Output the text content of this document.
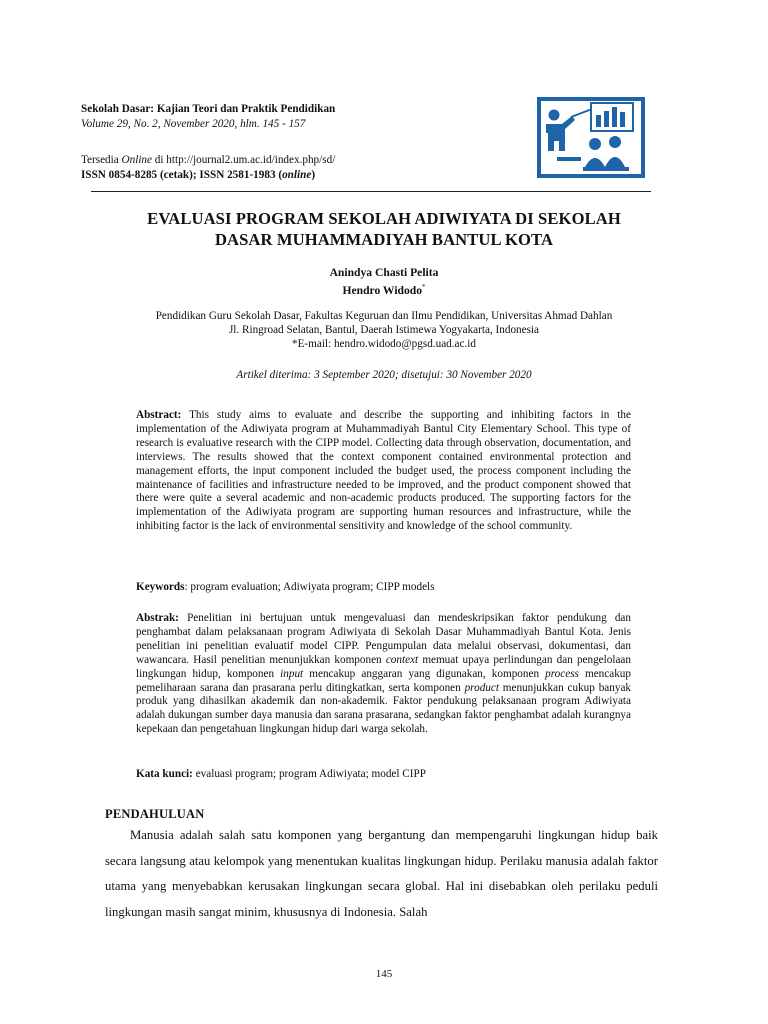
Sekolah Dasar: Kajian Teori dan Praktik Pendidikan
Volume 29, No. 2, November 2020, hlm. 145 - 157
Tersedia Online di http://journal2.um.ac.id/index.php/sd/
ISSN 0854-8285 (cetak); ISSN 2581-1983 (online)
EVALUASI PROGRAM SEKOLAH ADIWIYATA DI SEKOLAH
DASAR MUHAMMADIYAH BANTUL KOTA
Anindya Chasti Pelita
Hendro Widodo*
Pendidikan Guru Sekolah Dasar, Fakultas Keguruan dan Ilmu Pendidikan, Universitas Ahmad Dahlan
Jl. Ringroad Selatan, Bantul, Daerah Istimewa Yogyakarta, Indonesia
*E-mail: hendro.widodo@pgsd.uad.ac.id
Artikel diterima: 3 September 2020; disetujui: 30 November 2020
Abstract: This study aims to evaluate and describe the supporting and inhibiting factors in the implementation of the Adiwiyata program at Muhammadiyah Bantul City Elementary School. This type of research is evaluative research with the CIPP model. Collecting data through observation, documentation, and interviews. The results showed that the context component contained environmental protection and management efforts, the input component included the budget used, the process component including the maintenance of facilities and infrastructure needed to be improved, and the product component showed that there were quite a several academic and non-academic products produced. The supporting factors for the implementation of the Adiwiyata program are supporting human resources and infrastructure, while the inhibiting factor is the lack of environmental sensitivity and knowledge of the school community.
Keywords: program evaluation; Adiwiyata program; CIPP models
Abstrak: Penelitian ini bertujuan untuk mengevaluasi dan mendeskripsikan faktor pendukung dan penghambat dalam pelaksanaan program Adiwiyata di Sekolah Dasar Muhammadiyah Bantul Kota. Jenis penelitian ini penelitian evaluatif model CIPP. Pengumpulan data melalui observasi, dokumentasi, dan wawancara. Hasil penelitian menunjukkan komponen context memuat upaya perlindungan dan pengelolaan lingkungan hidup, komponen input mencakup anggaran yang digunakan, komponen process mencakup pemeliharaan sarana dan prasarana perlu ditingkatkan, serta komponen product menunjukkan cukup banyak produk yang dihasilkan akademik dan non-akademik. Faktor pendukung pelaksanaan program Adiwiyata adalah dukungan sumber daya manusia dan sarana prasarana, sedangkan faktor penghambat adalah kurangnya kepekaan dan pengetahuan lingkungan hidup dari warga sekolah.
Kata kunci: evaluasi program; program Adiwiyata; model CIPP
PENDAHULUAN

Manusia adalah salah satu komponen yang bergantung dan mempengaruhi lingkungan hidup baik secara langsung atau kelompok yang menentukan kualitas lingkungan hidup. Perilaku manusia adalah faktor utama yang menyebabkan kerusakan lingkungan secara global. Hal ini disebabkan oleh perilaku peduli lingkungan masih sangat minim, khususnya di Indonesia. Salah

145
